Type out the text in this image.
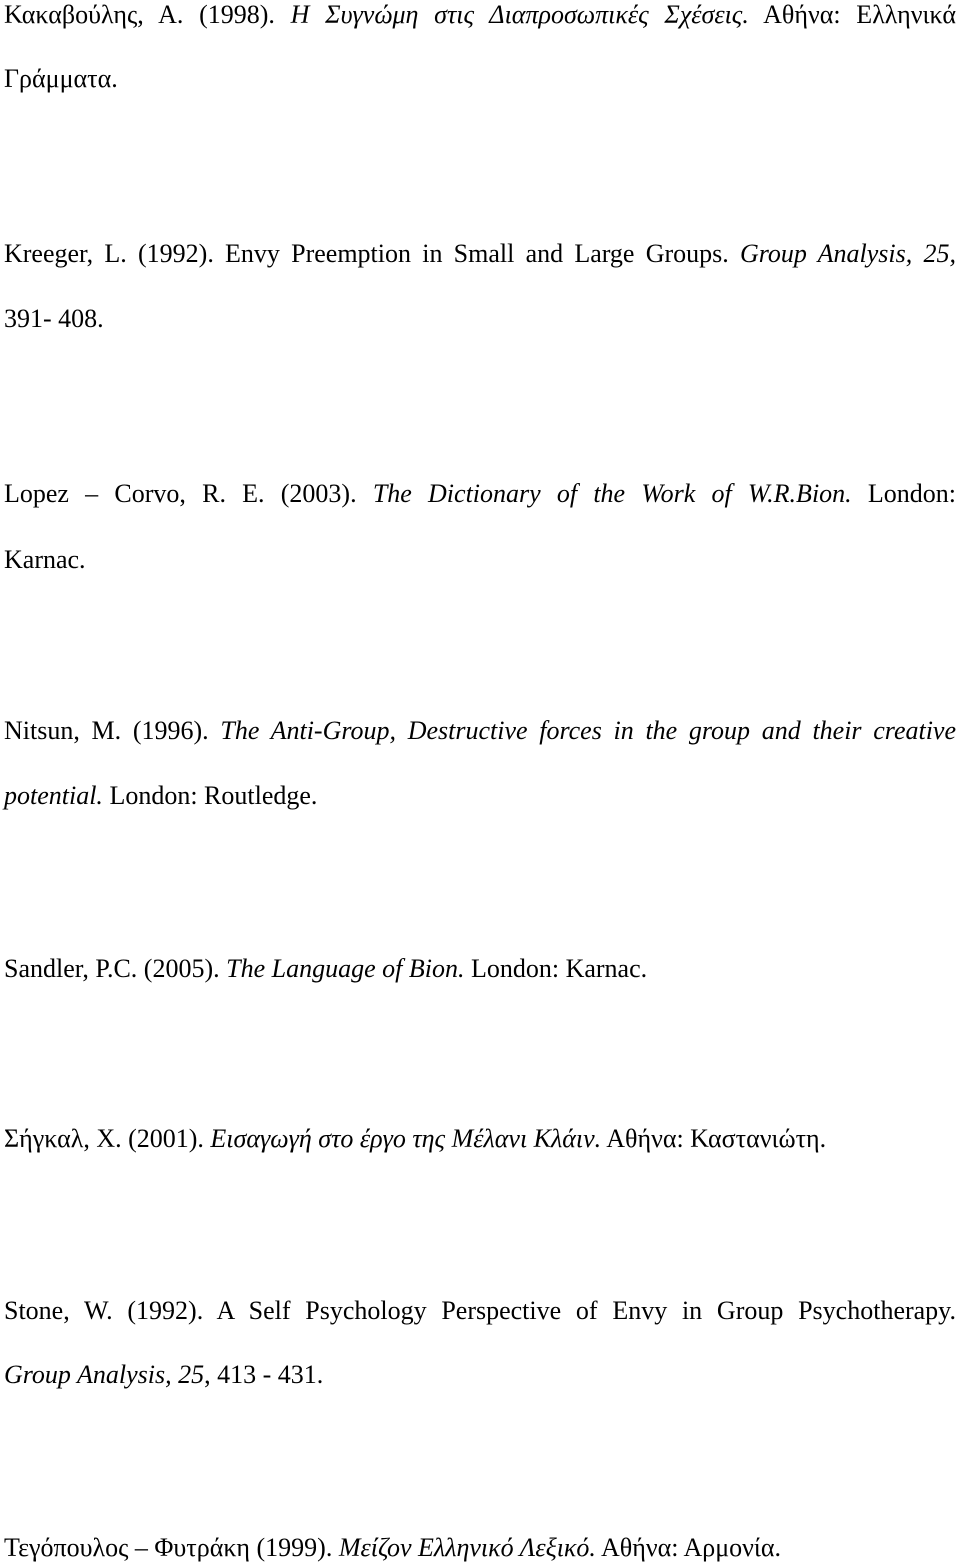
Κακαβούλης, Α. (1998). Η Συγνώμη στις Διαπροσωπικές Σχέσεις. Αθήνα: Ελληνικά
Γράμματα.
Kreeger, L. (1992). Envy Preemption in Small and Large Groups. Group Analysis, 25,
391- 408.
Lopez – Corvo, R. E. (2003). The Dictionary of the Work of W.R.Bion. London:
Karnac.
Nitsun, M. (1996). The Anti-Group, Destructive forces in the group and their creative
potential. London: Routledge.
Sandler, P.C. (2005). The Language of Bion. London: Karnac.
Σήγκαλ, Χ. (2001). Εισαγωγή στο έργο της Μέλανι Κλάιν. Αθήνα: Καστανιώτη.
Stone, W. (1992). A Self Psychology Perspective of Envy in Group Psychotherapy.
Group Analysis, 25, 413 - 431.
Τεγόπουλος – Φυτράκη (1999). Μείζον Ελληνικό Λεξικό. Αθήνα: Αρμονία.
